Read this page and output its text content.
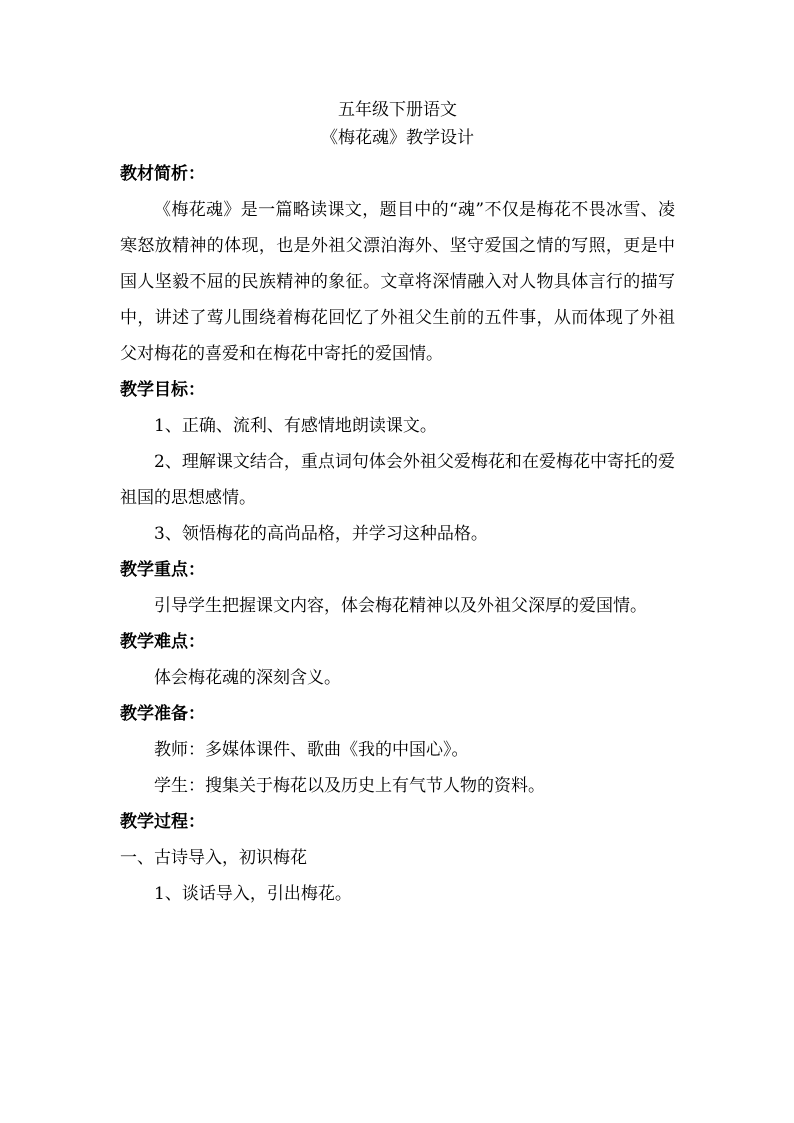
五年级下册语文

《梅花魂》教学设计

教材简析：

《梅花魂》是一篇略读课文，题目中的“魂”不仅是梅花不畏冰雪、凌寒怒放精神的体现，也是外祖父漂泊海外、坚守爱国之情的写照，更是中国人坚毅不屈的民族精神的象征。文章将深情融入对人物具体言行的描写中，讲述了莺儿围绕着梅花回忆了外祖父生前的五件事，从而体现了外祖父对梅花的喜爱和在梅花中寄托的爱国情。

教学目标：

1、正确、流利、有感情地朗读课文。

2、理解课文结合，重点词句体会外祖父爱梅花和在爱梅花中寄托的爱祖国的思想感情。

3、领悟梅花的高尚品格，并学习这种品格。

教学重点：

引导学生把握课文内容，体会梅花精神以及外祖父深厚的爱国情。

教学难点：

体会梅花魂的深刻含义。

教学准备：

教师：多媒体课件、歌曲《我的中国心》。

学生：搜集关于梅花以及历史上有气节人物的资料。

教学过程：

一、古诗导入，初识梅花

1、谈话导入，引出梅花。
